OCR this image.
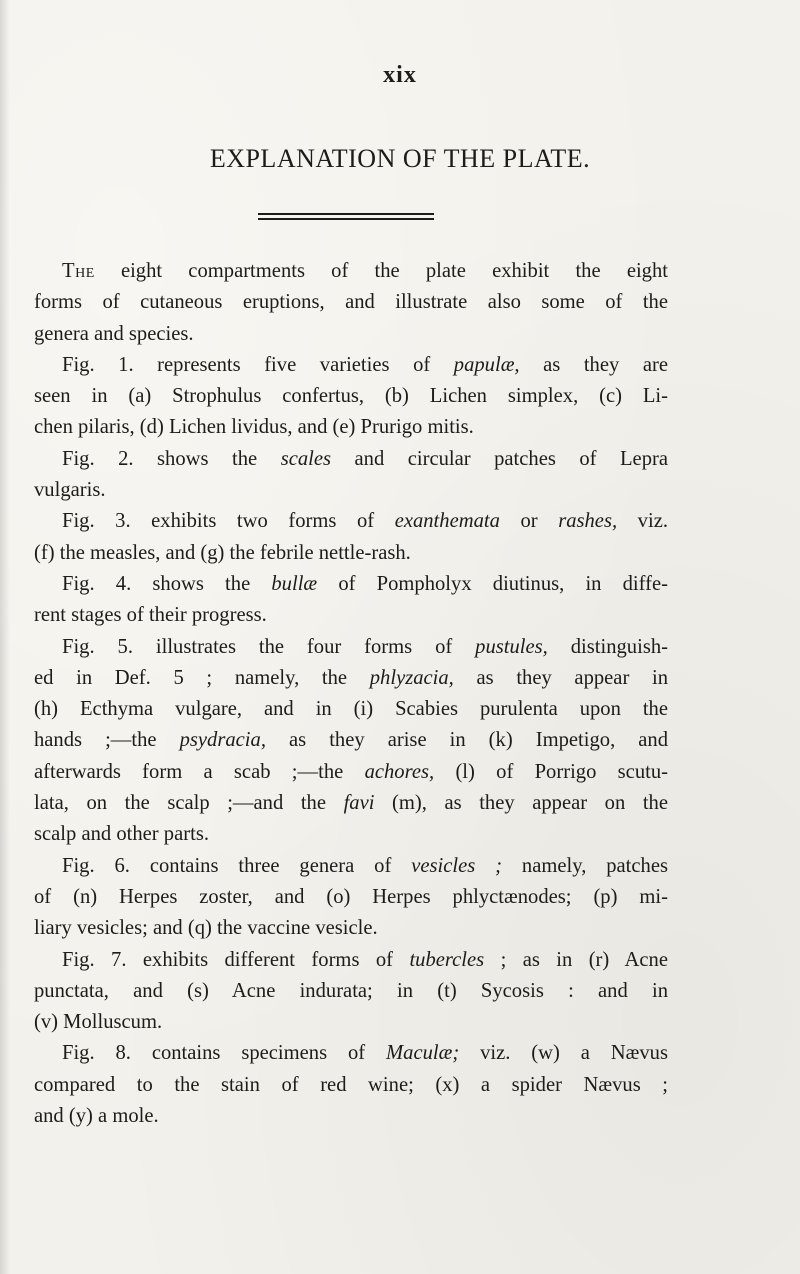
xix
EXPLANATION OF THE PLATE.
The eight compartments of the plate exhibit the eight
forms of cutaneous eruptions, and illustrate also some of the
genera and species.
Fig. 1. represents five varieties of papulæ, as they are
seen in (a) Strophulus confertus, (b) Lichen simplex, (c) Li-
chen pilaris, (d) Lichen lividus, and (e) Prurigo mitis.
Fig. 2. shows the scales and circular patches of Lepra
vulgaris.
Fig. 3. exhibits two forms of exanthemata or rashes, viz.
(f) the measles, and (g) the febrile nettle-rash.
Fig. 4. shows the bullæ of Pompholyx diutinus, in diffe-
rent stages of their progress.
Fig. 5. illustrates the four forms of pustules, distinguish-
ed in Def. 5 ; namely, the phlyzacia, as they appear in
(h) Ecthyma vulgare, and in (i) Scabies purulenta upon the
hands ;—the psydracia, as they arise in (k) Impetigo, and
afterwards form a scab ;—the achores, (l) of Porrigo scutu-
lata, on the scalp ;—and the favi (m), as they appear on the
scalp and other parts.
Fig. 6. contains three genera of vesicles ; namely, patches
of (n) Herpes zoster, and (o) Herpes phlyctænodes; (p) mi-
liary vesicles; and (q) the vaccine vesicle.
Fig. 7. exhibits different forms of tubercles ; as in (r) Acne
punctata, and (s) Acne indurata; in (t) Sycosis : and in
(v) Molluscum.
Fig. 8. contains specimens of Maculæ; viz. (w) a Nævus
compared to the stain of red wine; (x) a spider Nævus ;
and (y) a mole.
